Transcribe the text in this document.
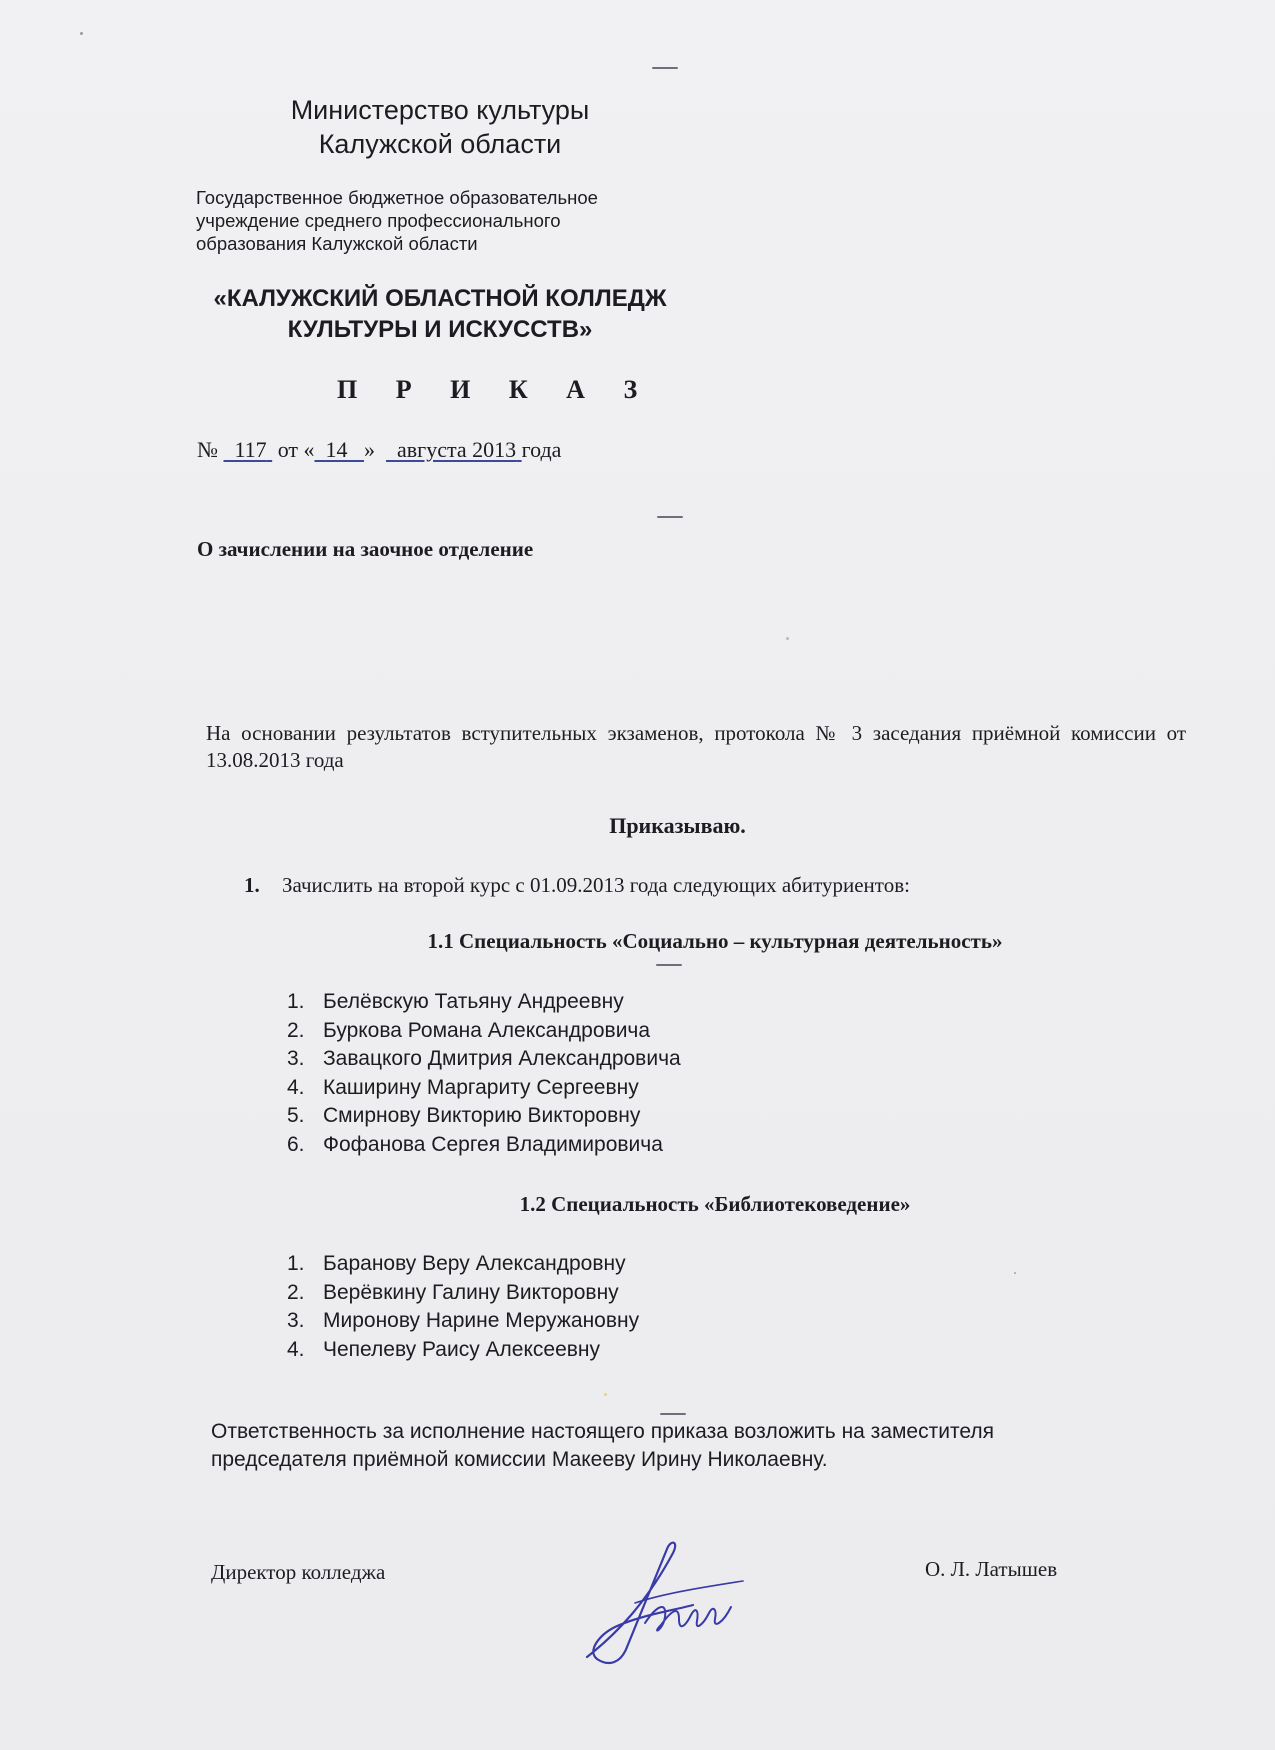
Министерство культуры
Калужской области
Государственное бюджетное образовательное
учреждение среднего профессионального
образования Калужской области
«КАЛУЖСКИЙ ОБЛАСТНОЙ КОЛЛЕДЖ
КУЛЬТУРЫ И ИСКУССТВ»
П Р И К А З
№ 117 от « 14 » августа 2013 года
О зачислении на заочное отделение

На основании результатов вступительных экзаменов, протокола № 3 заседания приёмной комиссии от 13.08.2013 года

Приказываю.
1. Зачислить на второй курс с 01.09.2013 года следующих абитуриентов:
1.1 Специальность «Социально – культурная деятельность»
1. Белёвскую Татьяну Андреевну
2. Буркова Романа Александровича
3. Завацкого Дмитрия Александровича
4. Каширину Маргариту Сергеевну
5. Смирнову Викторию Викторовну
6. Фофанова Сергея Владимировича
1.2 Специальность «Библиотековедение»
1. Баранову Веру Александровну
2. Верёвкину Галину Викторовну
3. Миронову Нарине Меружановну
4. Чепелеву Раису Алексеевну
Ответственность за исполнение настоящего приказа возложить на заместителя
председателя приёмной комиссии Макееву Ирину Николаевну.
Директор колледжа	О. Л. Латышев
